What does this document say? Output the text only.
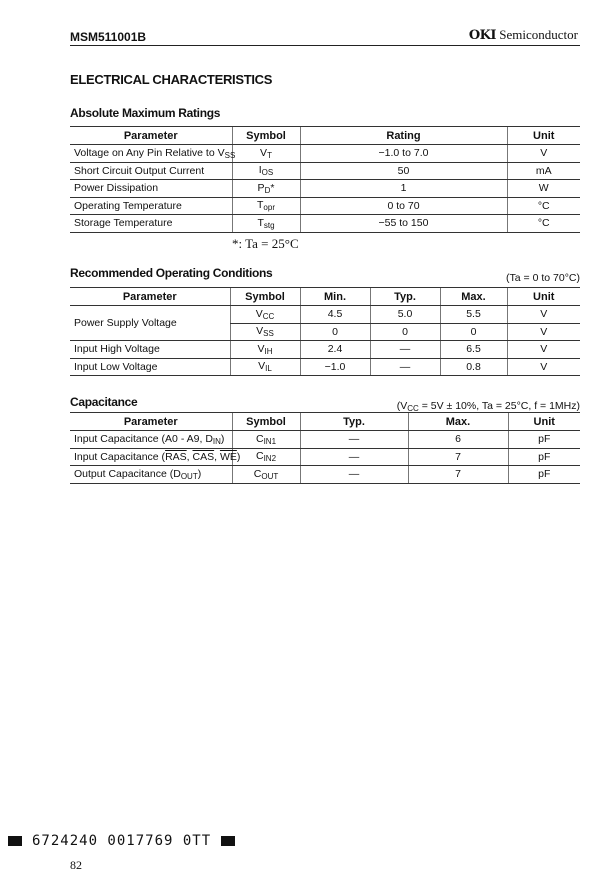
MSM511001B	OKI Semiconductor
ELECTRICAL CHARACTERISTICS
Absolute Maximum Ratings
Parameter	Symbol	Rating	Unit
Voltage on Any Pin Relative to $V_{SS}$	$V_T$	−1.0 to 7.0	V
Short Circuit Output Current	$I_{OS}$	50	mA
Power Dissipation	$P_D*$	1	W
Operating Temperature	$T_{opr}$	0 to 70	°C
Storage Temperature	$T_{stg}$	−55 to 150	°C
*: Ta = 25°C
Recommended Operating Conditions	(Ta = 0 to 70°C)
Parameter	Symbol	Min.	Typ.	Max.	Unit
Power Supply Voltage	$V_{CC}$	4.5	5.0	5.5	V
	$V_{SS}$	0	0	0	V
Input High Voltage	$V_{IH}$	2.4	—	6.5	V
Input Low Voltage	$V_{IL}$	−1.0	—	0.8	V
Capacitance	($V_{CC} = 5V \pm 10\%$, Ta = 25°C, f = 1MHz)
Parameter	Symbol	Typ.	Max.	Unit
Input Capacitance (A0 - A9, $D_{IN}$)	$C_{IN1}$	—	6	pF
Input Capacitance ($\overline{RAS}$, $\overline{CAS}$, $\overline{WE}$)	$C_{IN2}$	—	7	pF
Output Capacitance $(D_{OUT})$	$C_{OUT}$	—	7	pF
6724240 0017769 0TT
82
